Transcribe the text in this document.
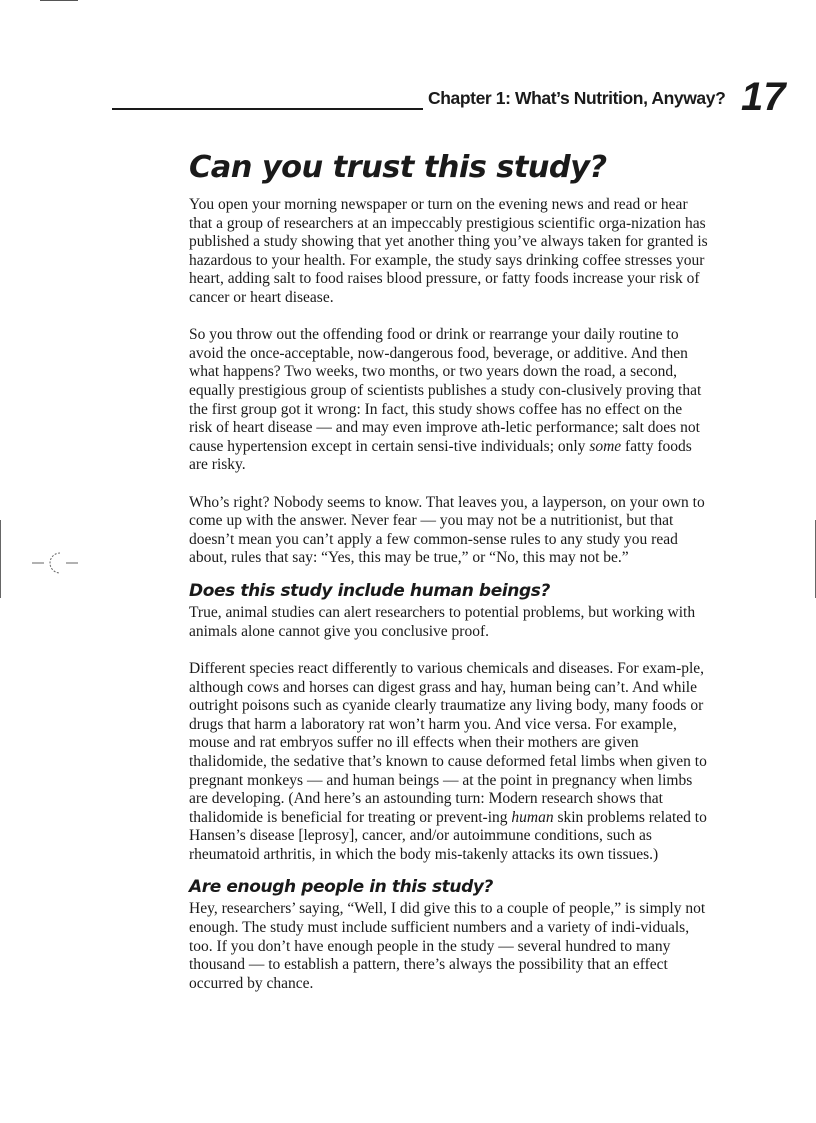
Chapter 1: What’s Nutrition, Anyway? 17
Can you trust this study?

You open your morning newspaper or turn on the evening news and read or hear that a group of researchers at an impeccably prestigious scientific orga-nization has published a study showing that yet another thing you’ve always taken for granted is hazardous to your health. For example, the study says drinking coffee stresses your heart, adding salt to food raises blood pressure, or fatty foods increase your risk of cancer or heart disease.

So you throw out the offending food or drink or rearrange your daily routine to avoid the once-acceptable, now-dangerous food, beverage, or additive. And then what happens? Two weeks, two months, or two years down the road, a second, equally prestigious group of scientists publishes a study con-clusively proving that the first group got it wrong: In fact, this study shows coffee has no effect on the risk of heart disease — and may even improve ath-letic performance; salt does not cause hypertension except in certain sensi-tive individuals; only some fatty foods are risky.

Who’s right? Nobody seems to know. That leaves you, a layperson, on your own to come up with the answer. Never fear — you may not be a nutritionist, but that doesn’t mean you can’t apply a few common-sense rules to any study you read about, rules that say: “Yes, this may be true,” or “No, this may not be.”

Does this study include human beings?

True, animal studies can alert researchers to potential problems, but working with animals alone cannot give you conclusive proof.

Different species react differently to various chemicals and diseases. For exam-ple, although cows and horses can digest grass and hay, human being can’t. And while outright poisons such as cyanide clearly traumatize any living body, many foods or drugs that harm a laboratory rat won’t harm you. And vice versa. For example, mouse and rat embryos suffer no ill effects when their mothers are given thalidomide, the sedative that’s known to cause deformed fetal limbs when given to pregnant monkeys — and human beings — at the point in pregnancy when limbs are developing. (And here’s an astounding turn: Modern research shows that thalidomide is beneficial for treating or prevent-ing human skin problems related to Hansen’s disease [leprosy], cancer, and/or autoimmune conditions, such as rheumatoid arthritis, in which the body mis-takenly attacks its own tissues.)

Are enough people in this study?

Hey, researchers’ saying, “Well, I did give this to a couple of people,” is simply not enough. The study must include sufficient numbers and a variety of indi-viduals, too. If you don’t have enough people in the study — several hundred to many thousand — to establish a pattern, there’s always the possibility that an effect occurred by chance.
